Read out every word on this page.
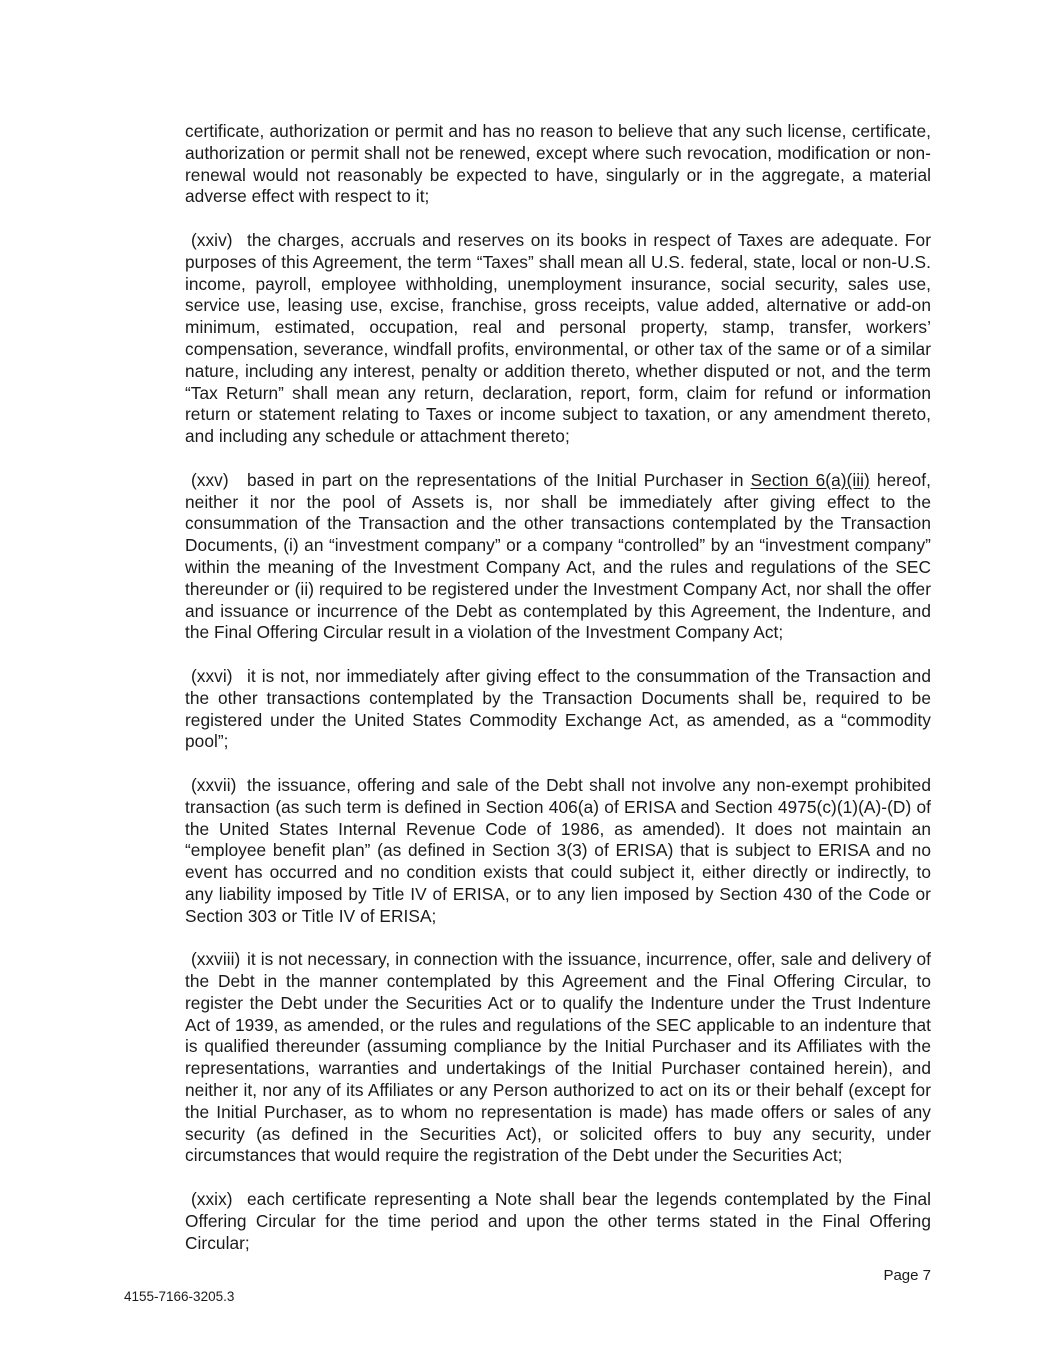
certificate, authorization or permit and has no reason to believe that any such license, certificate, authorization or permit shall not be renewed, except where such revocation, modification or non-renewal would not reasonably be expected to have, singularly or in the aggregate, a material adverse effect with respect to it;

(xxiv) the charges, accruals and reserves on its books in respect of Taxes are adequate. For purposes of this Agreement, the term “Taxes” shall mean all U.S. federal, state, local or non-U.S. income, payroll, employee withholding, unemployment insurance, social security, sales use, service use, leasing use, excise, franchise, gross receipts, value added, alternative or add-on minimum, estimated, occupation, real and personal property, stamp, transfer, workers’ compensation, severance, windfall profits, environmental, or other tax of the same or of a similar nature, including any interest, penalty or addition thereto, whether disputed or not, and the term “Tax Return” shall mean any return, declaration, report, form, claim for refund or information return or statement relating to Taxes or income subject to taxation, or any amendment thereto, and including any schedule or attachment thereto;

(xxv) based in part on the representations of the Initial Purchaser in Section 6(a)(iii) hereof, neither it nor the pool of Assets is, nor shall be immediately after giving effect to the consummation of the Transaction and the other transactions contemplated by the Transaction Documents, (i) an “investment company” or a company “controlled” by an “investment company” within the meaning of the Investment Company Act, and the rules and regulations of the SEC thereunder or (ii) required to be registered under the Investment Company Act, nor shall the offer and issuance or incurrence of the Debt as contemplated by this Agreement, the Indenture, and the Final Offering Circular result in a violation of the Investment Company Act;

(xxvi) it is not, nor immediately after giving effect to the consummation of the Transaction and the other transactions contemplated by the Transaction Documents shall be, required to be registered under the United States Commodity Exchange Act, as amended, as a “commodity pool”;

(xxvii) the issuance, offering and sale of the Debt shall not involve any non-exempt prohibited transaction (as such term is defined in Section 406(a) of ERISA and Section 4975(c)(1)(A)-(D) of the United States Internal Revenue Code of 1986, as amended). It does not maintain an “employee benefit plan” (as defined in Section 3(3) of ERISA) that is subject to ERISA and no event has occurred and no condition exists that could subject it, either directly or indirectly, to any liability imposed by Title IV of ERISA, or to any lien imposed by Section 430 of the Code or Section 303 or Title IV of ERISA;

(xxviii) it is not necessary, in connection with the issuance, incurrence, offer, sale and delivery of the Debt in the manner contemplated by this Agreement and the Final Offering Circular, to register the Debt under the Securities Act or to qualify the Indenture under the Trust Indenture Act of 1939, as amended, or the rules and regulations of the SEC applicable to an indenture that is qualified thereunder (assuming compliance by the Initial Purchaser and its Affiliates with the representations, warranties and undertakings of the Initial Purchaser contained herein), and neither it, nor any of its Affiliates or any Person authorized to act on its or their behalf (except for the Initial Purchaser, as to whom no representation is made) has made offers or sales of any security (as defined in the Securities Act), or solicited offers to buy any security, under circumstances that would require the registration of the Debt under the Securities Act;

(xxix) each certificate representing a Note shall bear the legends contemplated by the Final Offering Circular for the time period and upon the other terms stated in the Final Offering Circular;

Page 7
4155-7166-3205.3
